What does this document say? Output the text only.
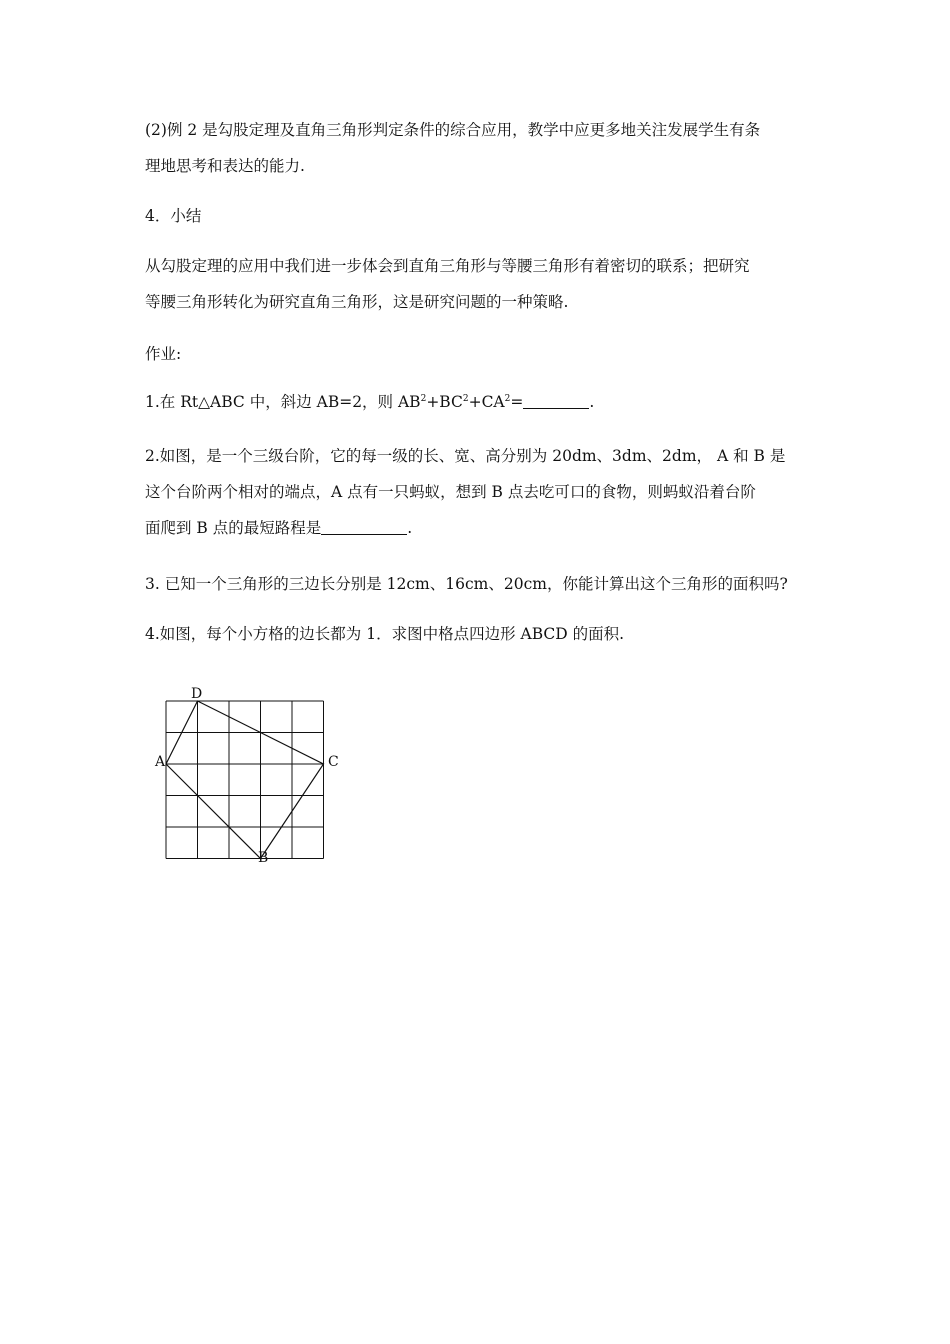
(2)例 2 是勾股定理及直角三角形判定条件的综合应用，教学中应更多地关注发展学生有条
理地思考和表达的能力.

4．小结

从勾股定理的应用中我们进一步体会到直角三角形与等腰三角形有着密切的联系；把研究
等腰三角形转化为研究直角三角形，这是研究问题的一种策略.

作业:

1.在 Rt△ABC 中，斜边 AB=2，则 $AB^2+BC^2+CA^2=$	.

2.如图，是一个三级台阶，它的每一级的长、宽、高分别为 20dm、3dm、2dm， A 和 B 是
这个台阶两个相对的端点，A 点有一只蚂蚁，想到 B 点去吃可口的食物，则蚂蚁沿着台阶
面爬到 B 点的最短路程是	.

3. 已知一个三角形的三边长分别是 12cm、16cm、20cm，你能计算出这个三角形的面积吗?

4.如图，每个小方格的边长都为 1．求图中格点四边形 ABCD 的面积.

A
B
C
D
